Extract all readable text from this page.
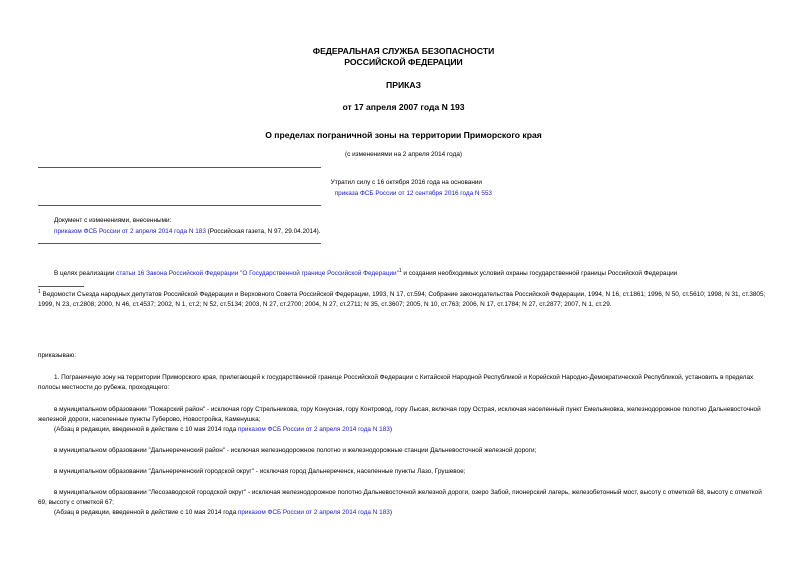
ФЕДЕРАЛЬНАЯ СЛУЖБА БЕЗОПАСНОСТИ
РОССИЙСКОЙ ФЕДЕРАЦИИ
ПРИКАЗ
от 17 апреля 2007 года N 193
О пределах пограничной зоны на территории Приморского края
(с изменениями на 2 апреля 2014 года)
Утратил силу с 16 октября 2016 года на основании
приказа ФСБ России от 12 сентября 2016 года N 553
Документ с изменениями, внесенными:
приказом ФСБ России от 2 апреля 2014 года N 183 (Российская газета, N 97, 29.04.2014).
В целях реализации статьи 16 Закона Российской Федерации "О Государственной границе Российской Федерации"$^1$ и создания необходимых условий охраны государственной границы Российской Федерации
$^1$ Ведомости Съезда народных депутатов Российской Федерации и Верховного Совета Российской Федерации, 1993, N 17, ст.594; Собрание законодательства Российской Федерации, 1994, N 16, ст.1861; 1996, N 50, ст.5610; 1998, N 31, ст.3805; 1999, N 23, ст.2808; 2000, N 46, ст.4537; 2002, N 1, ст.2; N 52, ст.5134; 2003, N 27, ст.2700; 2004, N 27, ст.2711; N 35, ст.3607; 2005, N 10, ст.763; 2006, N 17, ст.1784; N 27, ст.2877; 2007, N 1, ст.29.
приказываю:
1. Пограничную зону на территории Приморского края, прилегающей к государственной границе Российской Федерации с Китайской Народной Республикой и Корейской Народно-Демократической Республикой, установить в пределах полосы местности до рубежа, проходящего:
в муниципальном образовании "Пожарский район" - исключая гору Стрельникова, гору Конусная, гору Контровод, гору Лысая, включая гору Острая, исключая населенный пункт Емельяновка, железнодорожное полотно Дальневосточной железной дороги, населенные пункты Губерово, Новостройка, Каменушка;
(Абзац в редакции, введенной в действие с 10 мая 2014 года приказом ФСБ России от 2 апреля 2014 года N 183)
в муниципальном образовании "Дальнереченский район" - исключая железнодорожное полотно и железнодорожные станции Дальневосточной железной дороги;
в муниципальном образовании "Дальнереченский городской округ" - исключая город Дальнереченск, населенные пункты Лазо, Грушевое;
в муниципальном образовании "Лесозаводской городской округ" - исключая железнодорожное полотно Дальневосточной железной дороги, озеро Забой, пионерский лагерь, железобетонный мост, высоту с отметкой 68, высоту с отметкой 69, высоту с отметкой 67;
(Абзац в редакции, введенной в действие с 10 мая 2014 года приказом ФСБ России от 2 апреля 2014 года N 183)
